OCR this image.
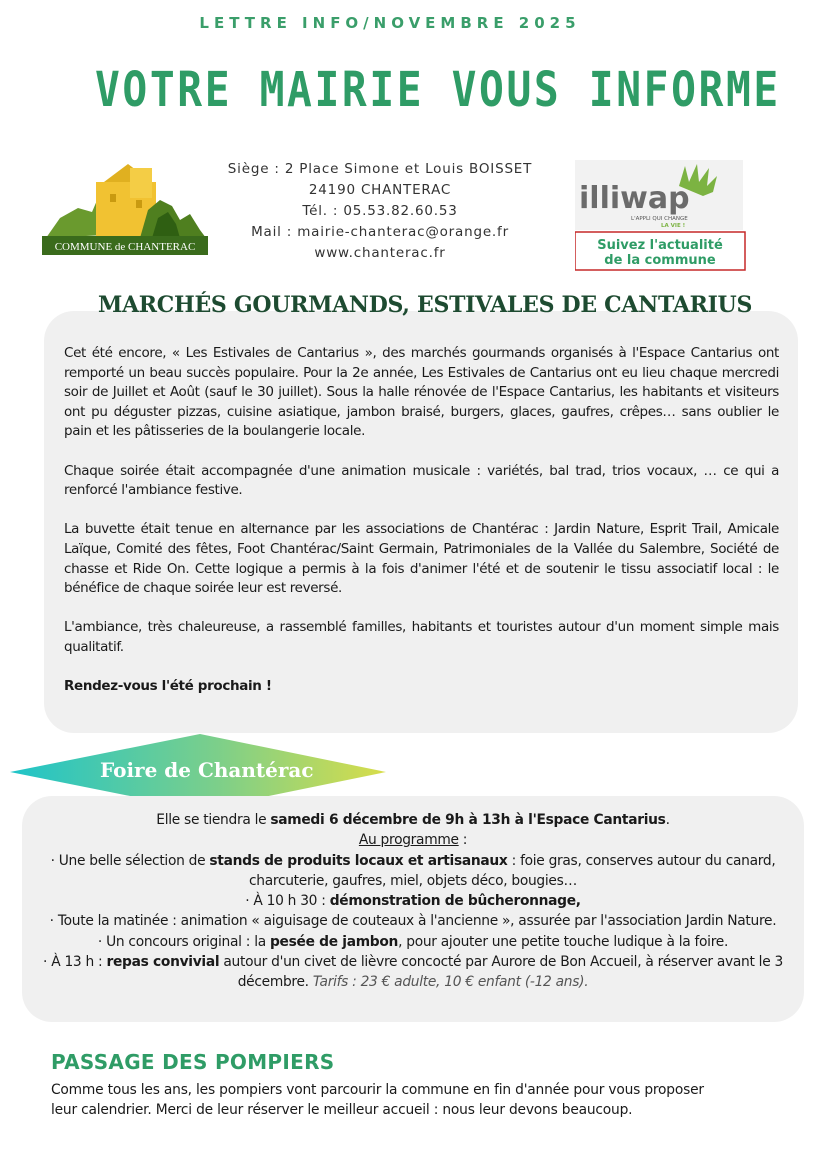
LETTRE INFO/NOVEMBRE 2025
VOTRE MAIRIE VOUS INFORME
COMMUNE de CHANTERAC
Siège : 2 Place Simone et Louis BOISSET
24190 CHANTERAC
Tél. : 05.53.82.60.53
Mail : mairie-chanterac@orange.fr
www.chanterac.fr
illiwap
L'APPLI QUI CHANGE
LA VIE !
Suivez l'actualité
de la commune
MARCHÉS GOURMANDS, ESTIVALES DE CANTARIUS

Cet été encore, « Les Estivales de Cantarius », des marchés gourmands organisés à l'Espace Cantarius ont remporté un beau succès populaire. Pour la 2e année, Les Estivales de Cantarius ont eu lieu chaque mercredi soir de Juillet et Août (sauf le 30 juillet). Sous la halle rénovée de l'Espace Cantarius, les habitants et visiteurs ont pu déguster pizzas, cuisine asiatique, jambon braisé, burgers, glaces, gaufres, crêpes… sans oublier le pain et les pâtisseries de la boulangerie locale.

Chaque soirée était accompagnée d'une animation musicale : variétés, bal trad, trios vocaux, … ce qui a renforcé l'ambiance festive.

La buvette était tenue en alternance par les associations de Chantérac : Jardin Nature, Esprit Trail, Amicale Laïque, Comité des fêtes, Foot Chantérac/Saint Germain, Patrimoniales de la Vallée du Salembre, Société de chasse et Ride On. Cette logique a permis à la fois d'animer l'été et de soutenir le tissu associatif local : le bénéfice de chaque soirée leur est reversé.

L'ambiance, très chaleureuse, a rassemblé familles, habitants et touristes autour d'un moment simple mais qualitatif.

Rendez-vous l'été prochain !

Foire de Chantérac
Elle se tiendra le samedi 6 décembre de 9h à 13h à l'Espace Cantarius.
Au programme :
· Une belle sélection de stands de produits locaux et artisanaux : foie gras, conserves autour du canard, charcuterie, gaufres, miel, objets déco, bougies…
· À 10 h 30 : démonstration de bûcheronnage,
· Toute la matinée : animation « aiguisage de couteaux à l'ancienne », assurée par l'association Jardin Nature.
· Un concours original : la pesée de jambon, pour ajouter une petite touche ludique à la foire.
· À 13 h : repas convivial autour d'un civet de lièvre concocté par Aurore de Bon Accueil, à réserver avant le 3 décembre. Tarifs : 23 € adulte, 10 € enfant (-12 ans).
PASSAGE DES POMPIERS
Comme tous les ans, les pompiers vont parcourir la commune en fin d'année pour vous proposer leur calendrier. Merci de leur réserver le meilleur accueil : nous leur devons beaucoup.
